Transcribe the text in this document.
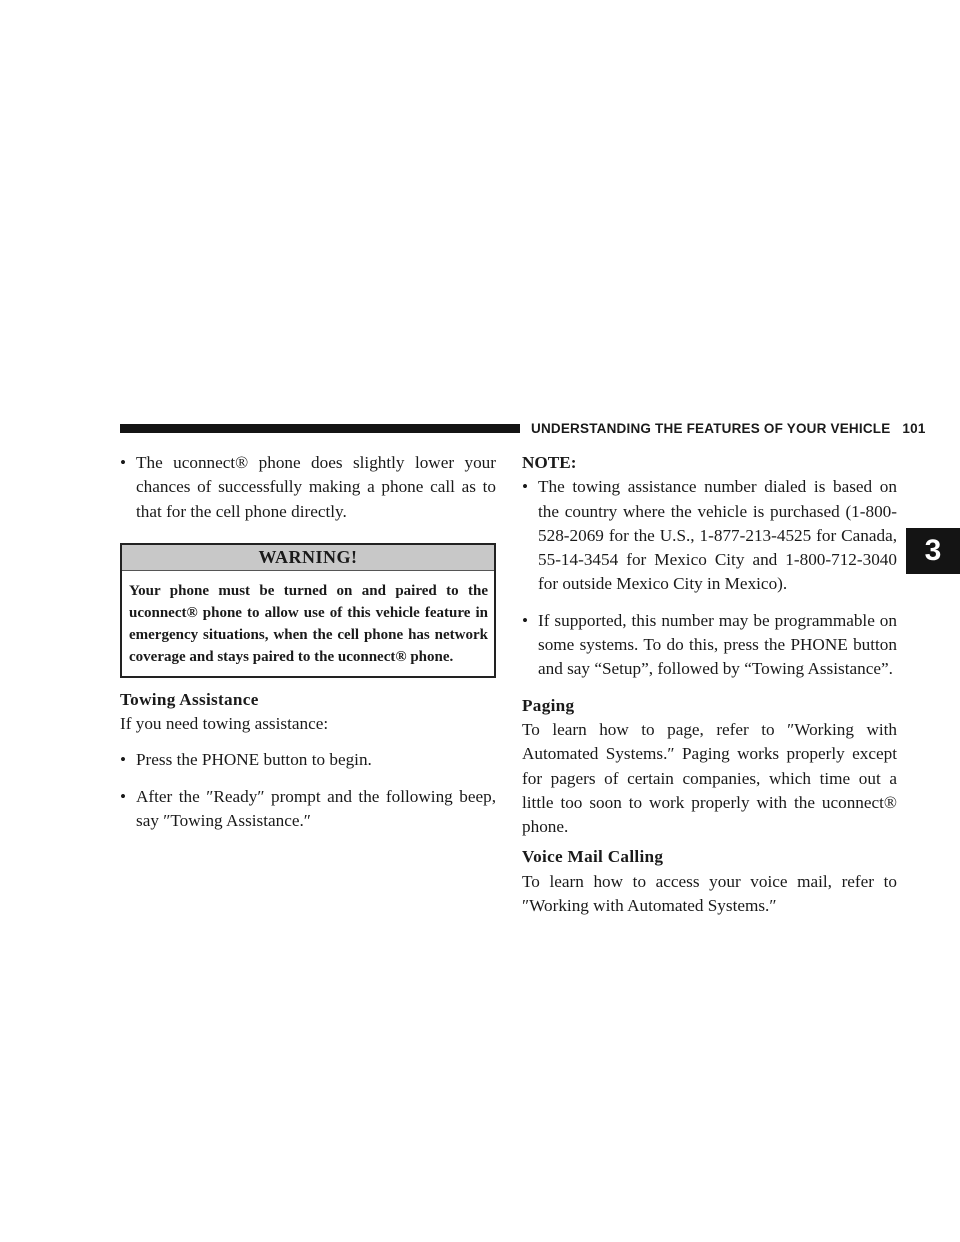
UNDERSTANDING THE FEATURES OF YOUR VEHICLE 101
3
• The uconnect® phone does slightly lower your chances of successfully making a phone call as to that for the cell phone directly.
WARNING!
Your phone must be turned on and paired to the uconnect® phone to allow use of this vehicle feature in emergency situations, when the cell phone has network coverage and stays paired to the uconnect® phone.
Towing Assistance
If you need towing assistance:
• Press the PHONE button to begin.
• After the ″Ready″ prompt and the following beep, say ″Towing Assistance.″
NOTE:
• The towing assistance number dialed is based on the country where the vehicle is purchased (1-800-528-2069 for the U.S., 1-877-213-4525 for Canada, 55-14-3454 for Mexico City and 1-800-712-3040 for outside Mexico City in Mexico).
• If supported, this number may be programmable on some systems. To do this, press the PHONE button and say “Setup”, followed by “Towing Assistance”.
Paging
To learn how to page, refer to ″Working with Automated Systems.″ Paging works properly except for pagers of certain companies, which time out a little too soon to work properly with the uconnect® phone.
Voice Mail Calling
To learn how to access your voice mail, refer to ″Working with Automated Systems.″
